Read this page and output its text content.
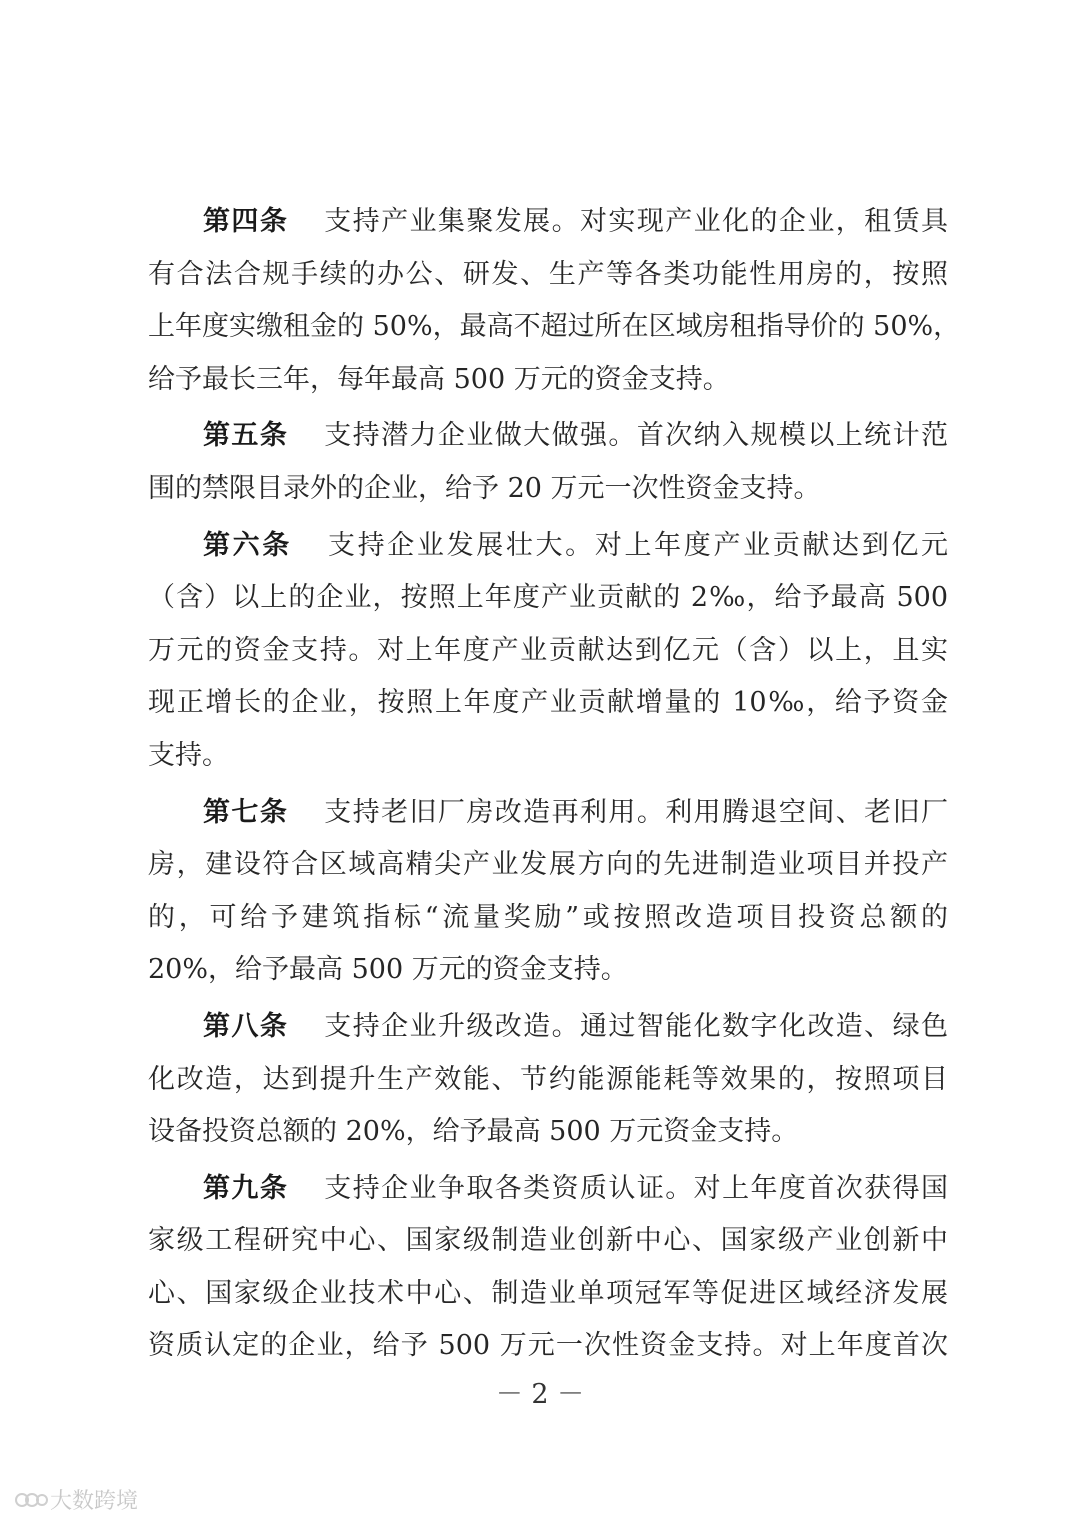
第四条 支持产业集聚发展。对实现产业化的企业，租赁具
有合法合规手续的办公、研发、生产等各类功能性用房的，按照
上年度实缴租金的 50%，最高不超过所在区域房租指导价的 50%，
给予最长三年，每年最高 500 万元的资金支持。
第五条 支持潜力企业做大做强。首次纳入规模以上统计范
围的禁限目录外的企业，给予 20 万元一次性资金支持。
第六条 支持企业发展壮大。对上年度产业贡献达到亿元
（含）以上的企业，按照上年度产业贡献的 2‰，给予最高 500
万元的资金支持。对上年度产业贡献达到亿元（含）以上，且实
现正增长的企业，按照上年度产业贡献增量的 10‰，给予资金
支持。
第七条 支持老旧厂房改造再利用。利用腾退空间、老旧厂
房，建设符合区域高精尖产业发展方向的先进制造业项目并投产
的，可给予建筑指标“流量奖励”或按照改造项目投资总额的
20%，给予最高 500 万元的资金支持。
第八条 支持企业升级改造。通过智能化数字化改造、绿色
化改造，达到提升生产效能、节约能源能耗等效果的，按照项目
设备投资总额的 20%，给予最高 500 万元资金支持。
第九条 支持企业争取各类资质认证。对上年度首次获得国
家级工程研究中心、国家级制造业创新中心、国家级产业创新中
心、国家级企业技术中心、制造业单项冠军等促进区域经济发展
资质认定的企业，给予 500 万元一次性资金支持。对上年度首次
－ 2 －
大数跨境
